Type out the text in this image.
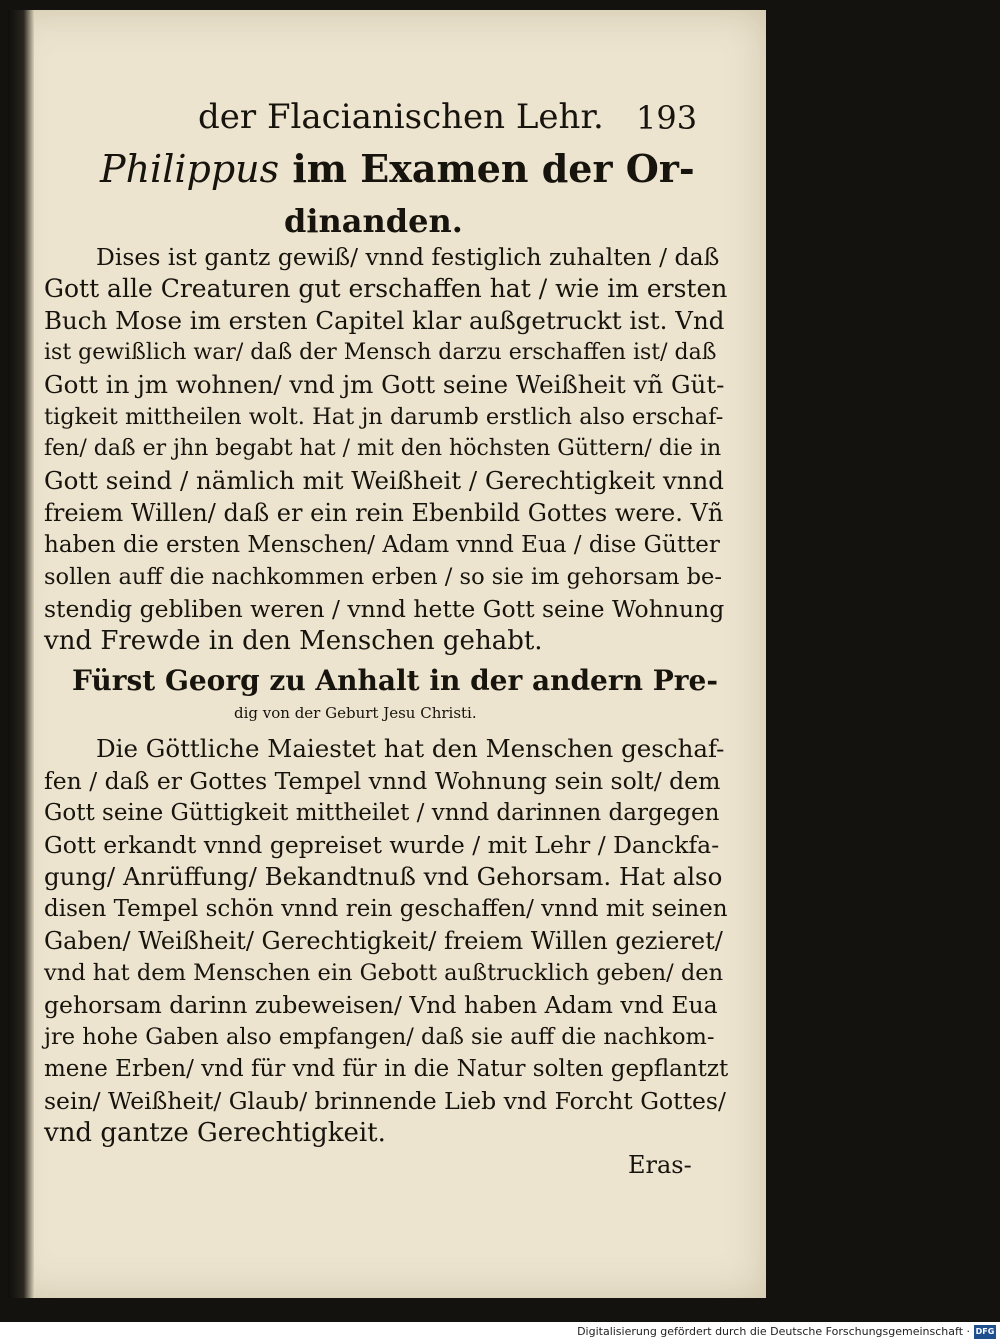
der Flacianischen Lehr. 193
Philippus im Examen der Or-
dinanden.
Dises ist gantz gewiß/ vnnd festiglich zuhalten / daß
Gott alle Creaturen gut erschaffen hat / wie im ersten
Buch Mose im ersten Capitel klar außgetruckt ist. Vnd
ist gewißlich war/ daß der Mensch darzu erschaffen ist/ daß
Gott in jm wohnen/ vnd jm Gott seine Weißheit vñ Güt-
tigkeit mittheilen wolt. Hat jn darumb erstlich also erschaf-
fen/ daß er jhn begabt hat / mit den höchsten Güttern/ die in
Gott seind / nämlich mit Weißheit / Gerechtigkeit vnnd
freiem Willen/ daß er ein rein Ebenbild Gottes were. Vñ
haben die ersten Menschen/ Adam vnnd Eua / dise Gütter
sollen auff die nachkommen erben / so sie im gehorsam be-
stendig gebliben weren / vnnd hette Gott seine Wohnung
vnd Frewde in den Menschen gehabt.
Fürst Georg zu Anhalt in der andern Pre-
dig von der Geburt Jesu Christi.
Die Göttliche Maiestet hat den Menschen geschaf-
fen / daß er Gottes Tempel vnnd Wohnung sein solt/ dem
Gott seine Güttigkeit mittheilet / vnnd darinnen dargegen
Gott erkandt vnnd gepreiset wurde / mit Lehr / Danckfa-
gung/ Anrüffung/ Bekandtnuß vnd Gehorsam. Hat also
disen Tempel schön vnnd rein geschaffen/ vnnd mit seinen
Gaben/ Weißheit/ Gerechtigkeit/ freiem Willen gezieret/
vnd hat dem Menschen ein Gebott außtrucklich geben/ den
gehorsam darinn zubeweisen/ Vnd haben Adam vnd Eua
jre hohe Gaben also empfangen/ daß sie auff die nachkom-
mene Erben/ vnd für vnd für in die Natur solten gepflantzt
sein/ Weißheit/ Glaub/ brinnende Lieb vnd Forcht Gottes/
vnd gantze Gerechtigkeit.
Eras-
Digitalisierung gefördert durch die Deutsche Forschungsgemeinschaft · DFG
